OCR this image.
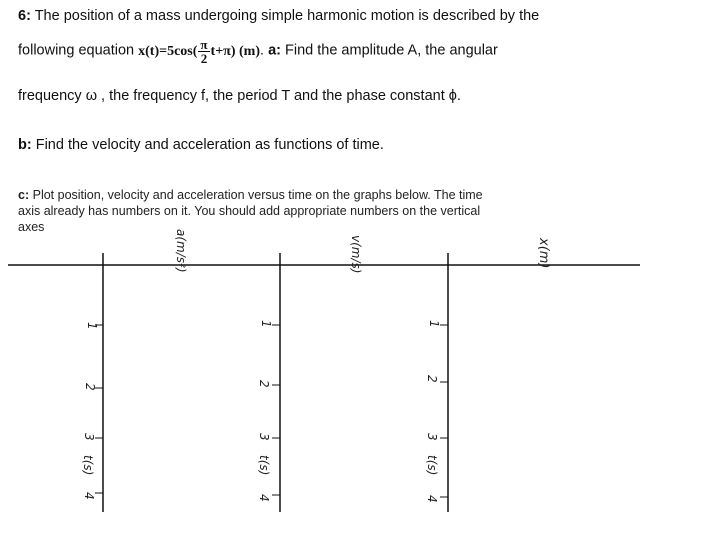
6: The position of a mass undergoing simple harmonic motion is described by the
following equation $x(t)=5\cos( \frac{\pi}{2} t+\pi)$ (m). a: Find the amplitude A, the angular
frequency ω , the frequency f, the period T and the phase constant ϕ.
b: Find the velocity and acceleration as functions of time.
c: Plot position, velocity and acceleration versus time on the graphs below. The time
axis already has numbers on it. You should add appropriate numbers on the vertical
axes
1
2
3
t(s)
4
a(m/s²)
1
2
3
t(s)
4
v(m/s)
1
2
3
t(s)
4
x(m)
